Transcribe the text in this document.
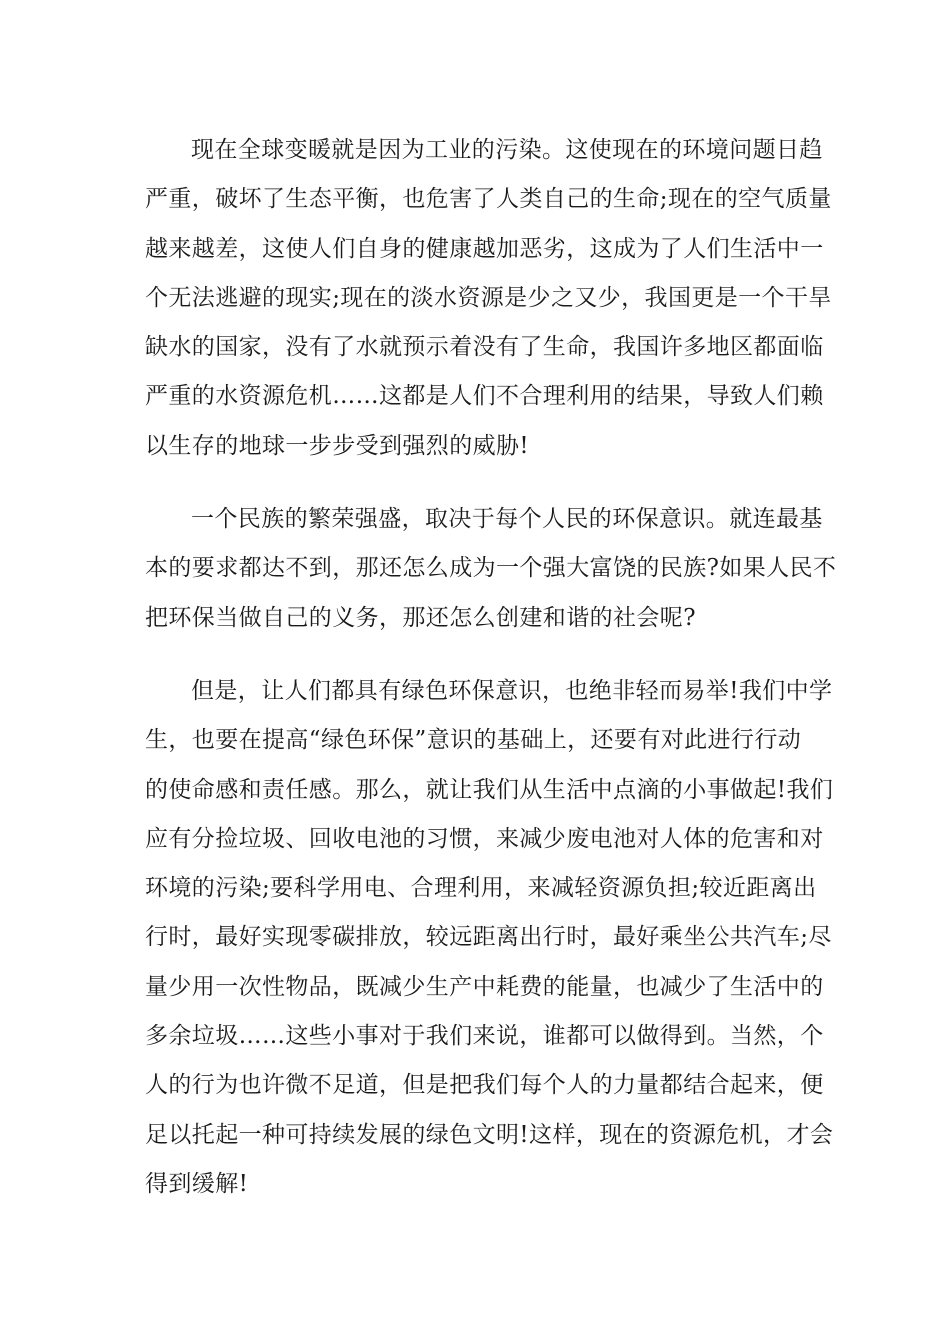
现在全球变暖就是因为工业的污染。这使现在的环境问题日趋
严重，破坏了生态平衡，也危害了人类自己的生命;现在的空气质量
越来越差，这使人们自身的健康越加恶劣，这成为了人们生活中一
个无法逃避的现实;现在的淡水资源是少之又少，我国更是一个干旱
缺水的国家，没有了水就预示着没有了生命，我国许多地区都面临
严重的水资源危机……这都是人们不合理利用的结果，导致人们赖
以生存的地球一步步受到强烈的威胁!
一个民族的繁荣强盛，取决于每个人民的环保意识。就连最基
本的要求都达不到，那还怎么成为一个强大富饶的民族?如果人民不
把环保当做自己的义务，那还怎么创建和谐的社会呢?
但是，让人们都具有绿色环保意识，也绝非轻而易举!我们中学
生，也要在提高“绿色环保”意识的基础上，还要有对此进行行动
的使命感和责任感。那么，就让我们从生活中点滴的小事做起!我们
应有分捡垃圾、回收电池的习惯，来减少废电池对人体的危害和对
环境的污染;要科学用电、合理利用，来减轻资源负担;较近距离出
行时，最好实现零碳排放，较远距离出行时，最好乘坐公共汽车;尽
量少用一次性物品，既减少生产中耗费的能量，也减少了生活中的
多余垃圾……这些小事对于我们来说，谁都可以做得到。当然，个
人的行为也许微不足道，但是把我们每个人的力量都结合起来，便
足以托起一种可持续发展的绿色文明!这样，现在的资源危机，才会
得到缓解!
